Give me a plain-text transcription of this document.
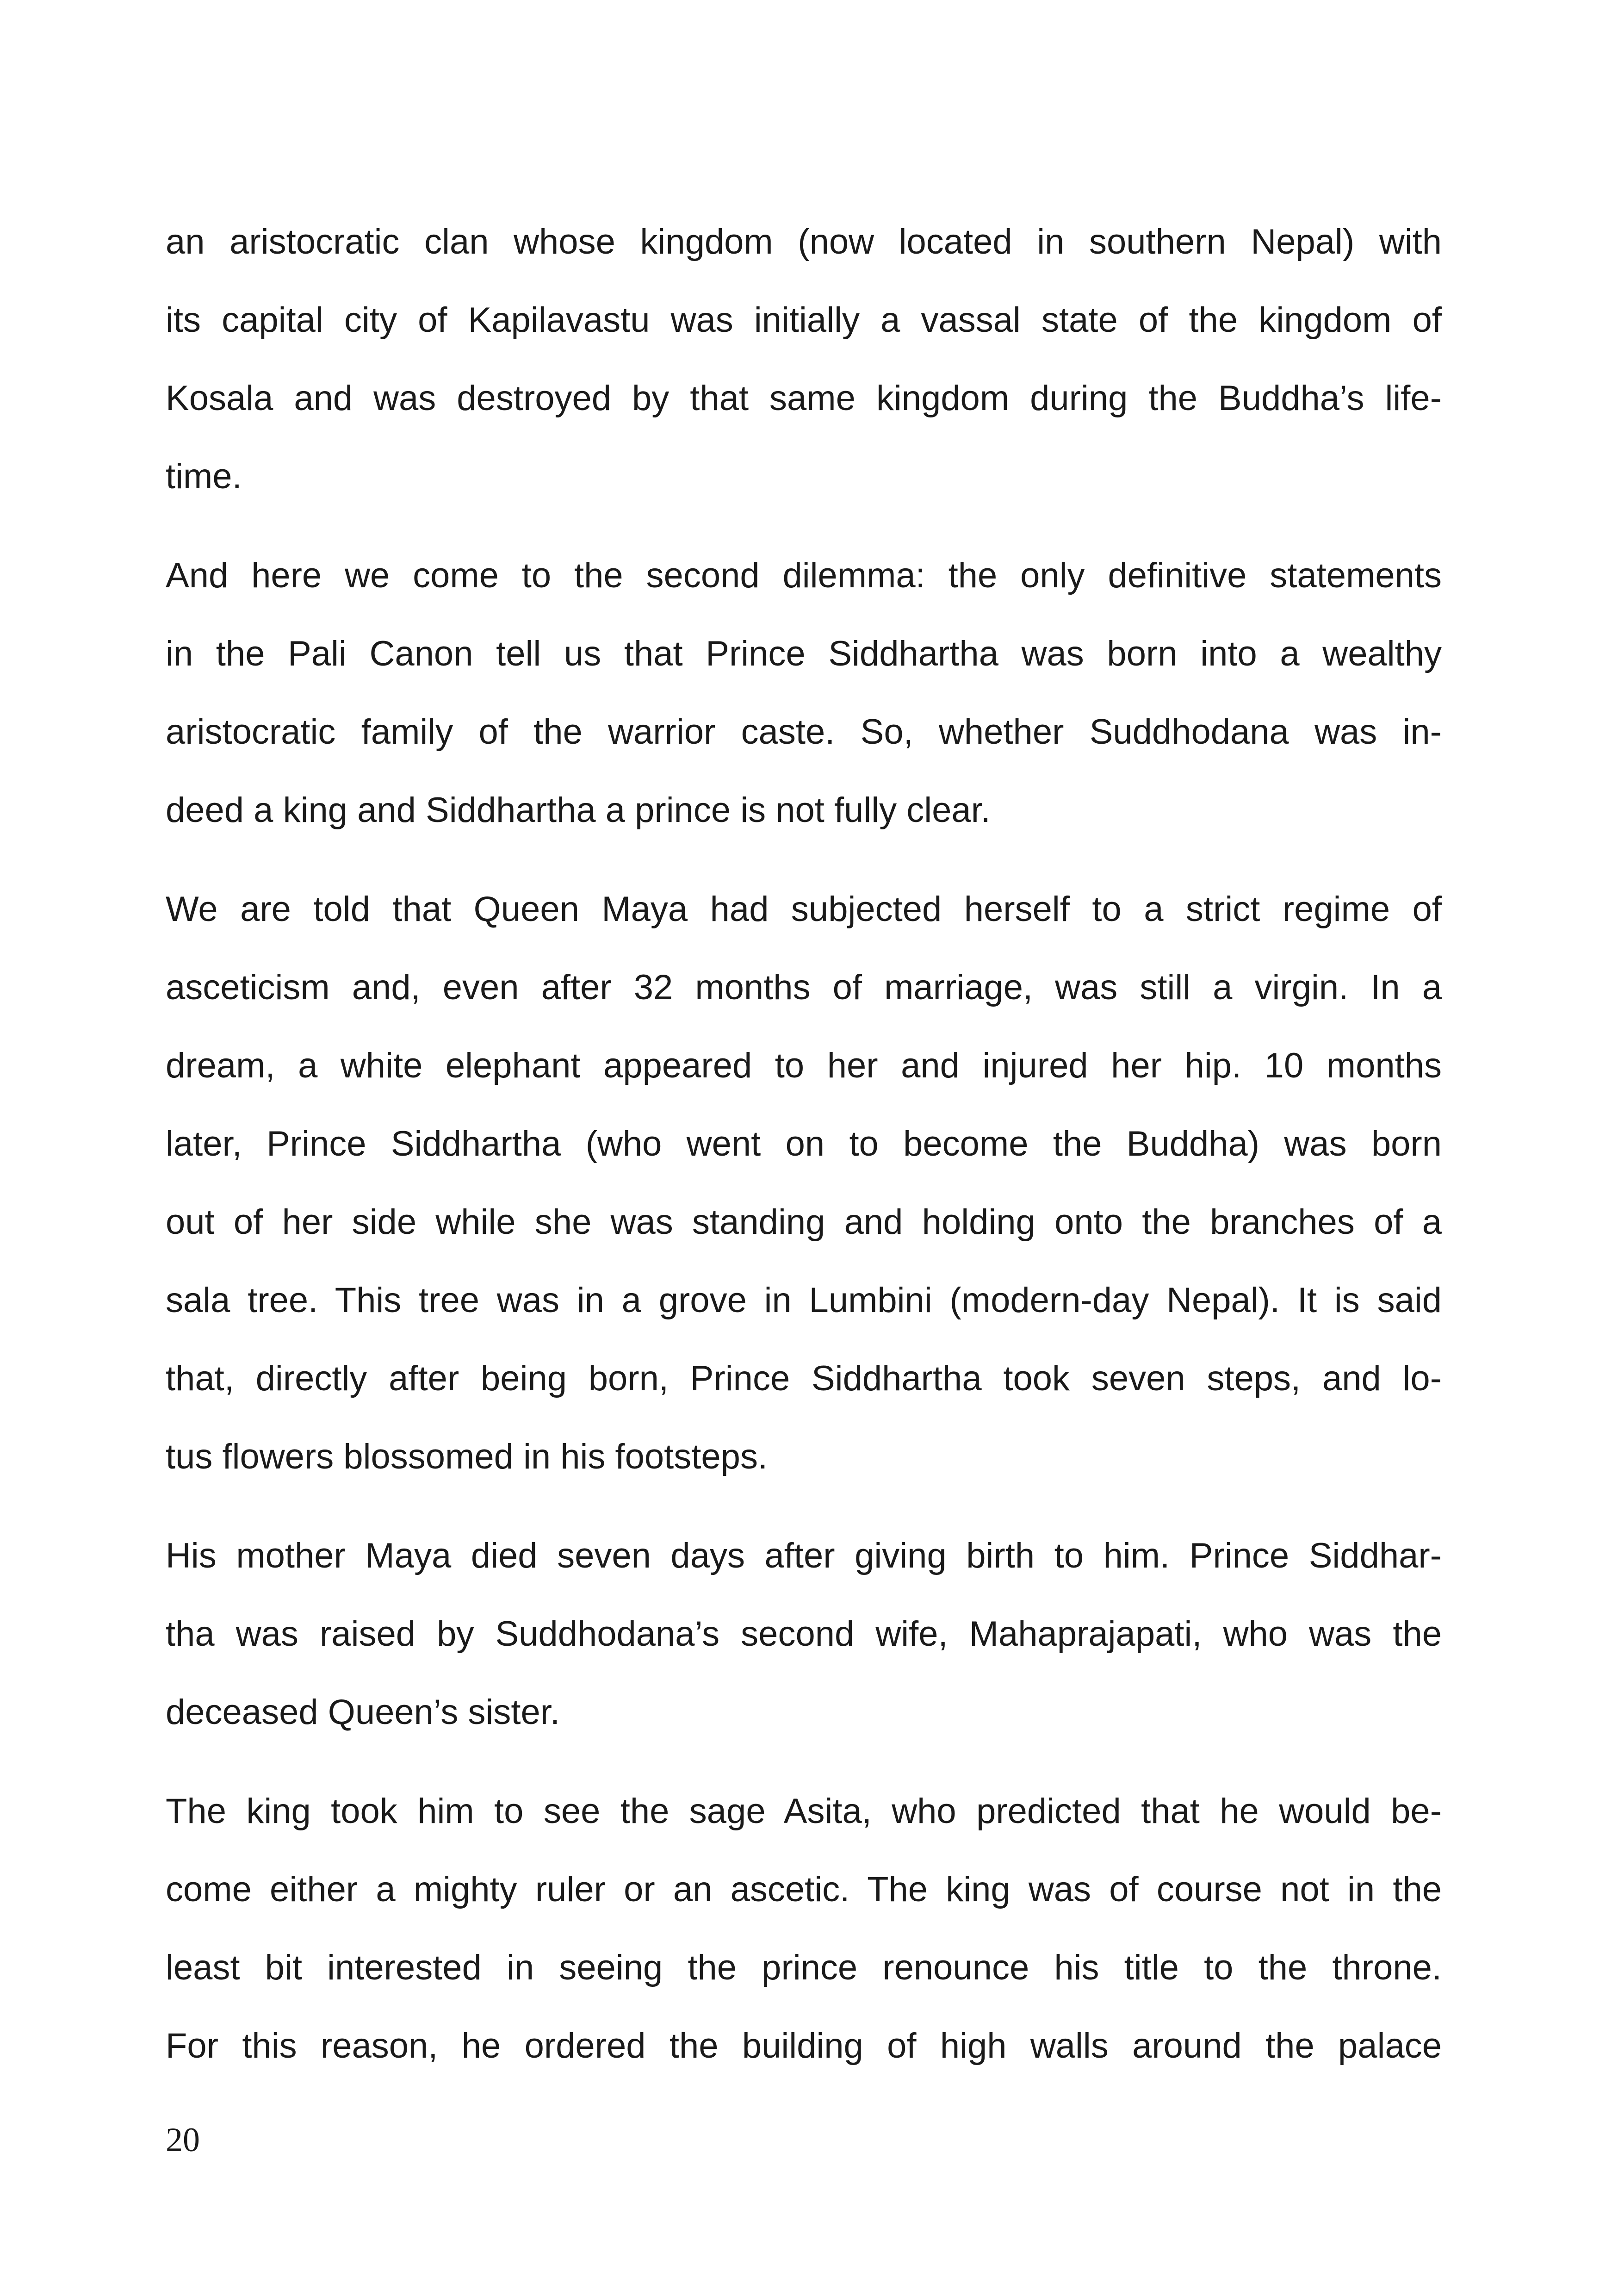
an aristocratic clan whose kingdom (now located in southern Nepal) with
its capital city of Kapilavastu was initially a vassal state of the kingdom of
Kosala and was destroyed by that same kingdom during the Buddha’s life-
time.
And here we come to the second dilemma: the only definitive statements
in the Pali Canon tell us that Prince Siddhartha was born into a wealthy
aristocratic family of the warrior caste. So, whether Suddhodana was in-
deed a king and Siddhartha a prince is not fully clear.
We are told that Queen Maya had subjected herself to a strict regime of
asceticism and, even after 32 months of marriage, was still a virgin. In a
dream, a white elephant appeared to her and injured her hip. 10 months
later, Prince Siddhartha (who went on to become the Buddha) was born
out of her side while she was standing and holding onto the branches of a
sala tree. This tree was in a grove in Lumbini (modern-day Nepal). It is said
that, directly after being born, Prince Siddhartha took seven steps, and lo-
tus flowers blossomed in his footsteps.
His mother Maya died seven days after giving birth to him. Prince Siddhar-
tha was raised by Suddhodana’s second wife, Mahaprajapati, who was the
deceased Queen’s sister.
The king took him to see the sage Asita, who predicted that he would be-
come either a mighty ruler or an ascetic. The king was of course not in the
least bit interested in seeing the prince renounce his title to the throne.
For this reason, he ordered the building of high walls around the palace
20
